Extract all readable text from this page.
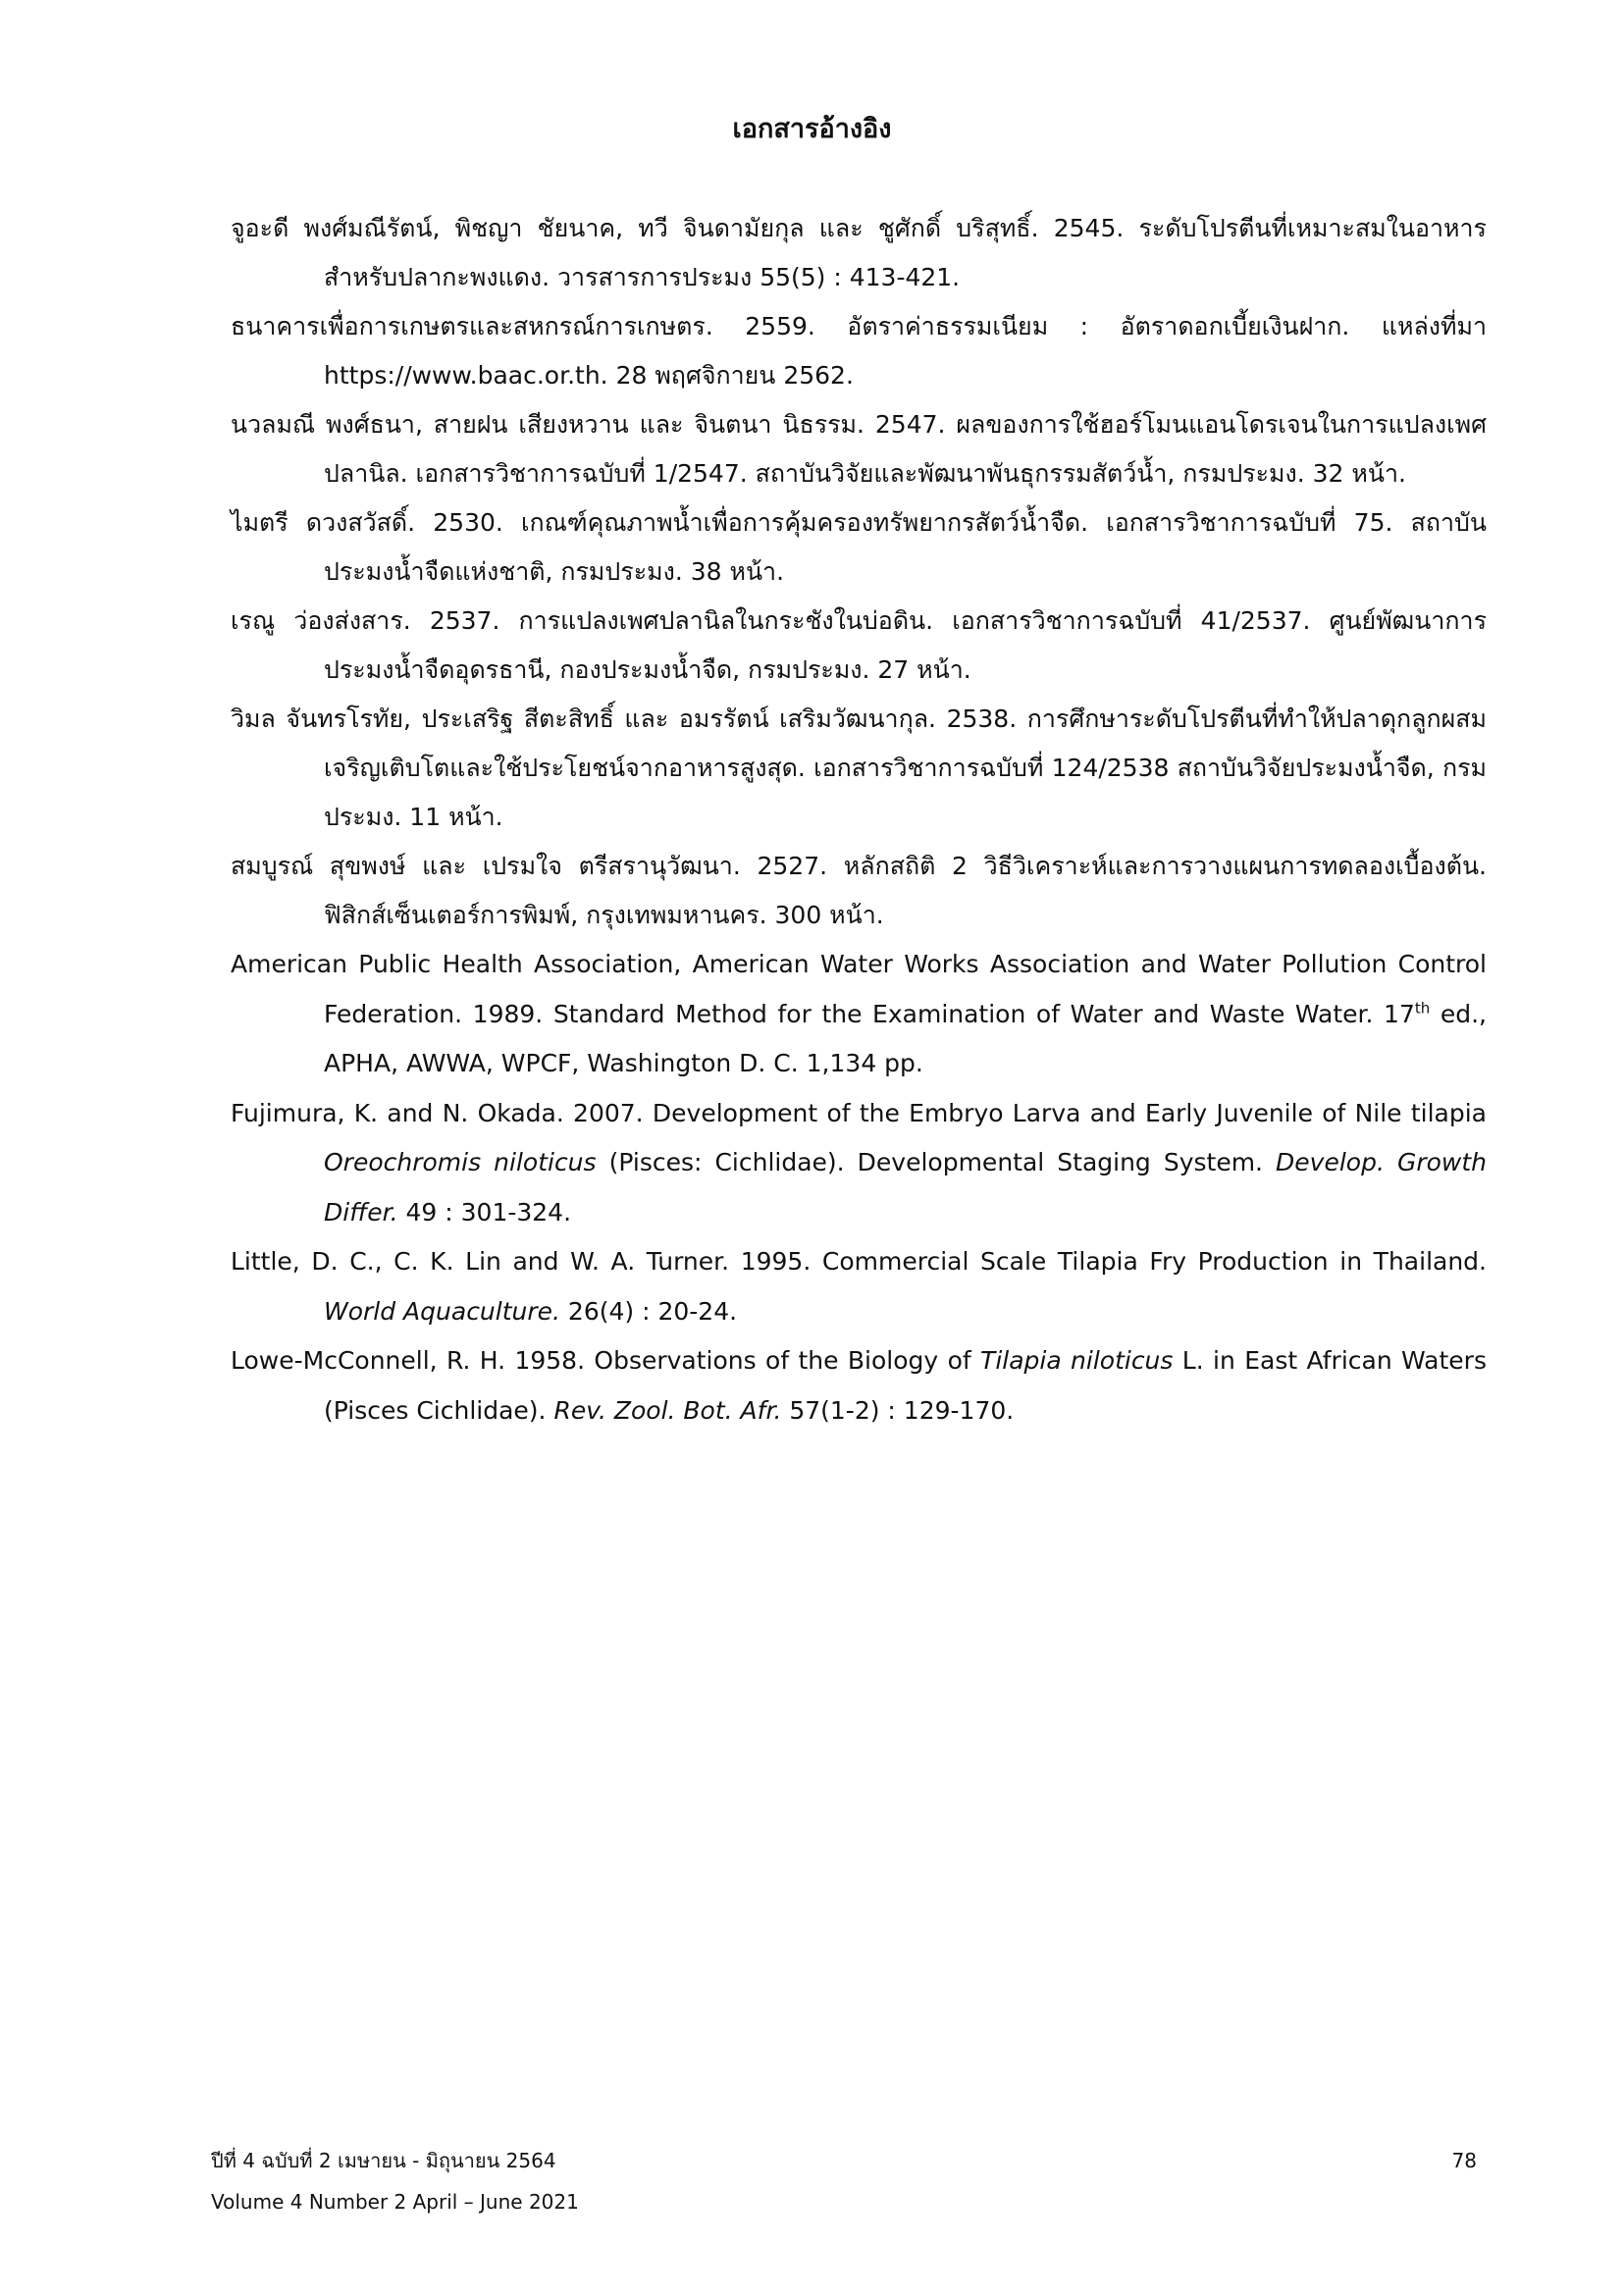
เอกสารอ้างอิง

จูอะดี พงศ์มณีรัตน์, พิชญา ชัยนาค, ทวี จินดามัยกุล และ ชูศักดิ์ บริสุทธิ์. 2545. ระดับโปรตีนที่เหมาะสมในอาหารสำหรับปลากะพงแดง. วารสารการประมง 55(5) : 413-421.

ธนาคารเพื่อการเกษตรและสหกรณ์การเกษตร. 2559. อัตราค่าธรรมเนียม : อัตราดอกเบี้ยเงินฝาก. แหล่งที่มา https://www.baac.or.th. 28 พฤศจิกายน 2562.

นวลมณี พงศ์ธนา, สายฝน เสียงหวาน และ จินตนา นิธรรม. 2547. ผลของการใช้ฮอร์โมนแอนโดรเจนในการแปลงเพศปลานิล. เอกสารวิชาการฉบับที่ 1/2547. สถาบันวิจัยและพัฒนาพันธุกรรมสัตว์น้ำ, กรมประมง. 32 หน้า.

ไมตรี ดวงสวัสดิ์. 2530. เกณฑ์คุณภาพน้ำเพื่อการคุ้มครองทรัพยากรสัตว์น้ำจืด. เอกสารวิชาการฉบับที่ 75. สถาบันประมงน้ำจืดแห่งชาติ, กรมประมง. 38 หน้า.

เรณู ว่องส่งสาร. 2537. การแปลงเพศปลานิลในกระชังในบ่อดิน. เอกสารวิชาการฉบับที่ 41/2537. ศูนย์พัฒนาการประมงน้ำจืดอุดรธานี, กองประมงน้ำจืด, กรมประมง. 27 หน้า.

วิมล จันทรโรทัย, ประเสริฐ สีตะสิทธิ์ และ อมรรัตน์ เสริมวัฒนากุล. 2538. การศึกษาระดับโปรตีนที่ทำให้ปลาดุกลูกผสมเจริญเติบโตและใช้ประโยชน์จากอาหารสูงสุด. เอกสารวิชาการฉบับที่ 124/2538 สถาบันวิจัยประมงน้ำจืด, กรมประมง. 11 หน้า.

สมบูรณ์ สุขพงษ์ และ เปรมใจ ตรีสรานุวัฒนา. 2527. หลักสถิติ 2 วิธีวิเคราะห์และการวางแผนการทดลองเบื้องต้น. ฟิสิกส์เซ็นเตอร์การพิมพ์, กรุงเทพมหานคร. 300 หน้า.

American Public Health Association, American Water Works Association and Water Pollution Control Federation. 1989. Standard Method for the Examination of Water and Waste Water. 17th ed., APHA, AWWA, WPCF, Washington D. C. 1,134 pp.

Fujimura, K. and N. Okada. 2007. Development of the Embryo Larva and Early Juvenile of Nile tilapia Oreochromis niloticus (Pisces: Cichlidae). Developmental Staging System. Develop. Growth Differ. 49 : 301-324.

Little, D. C., C. K. Lin and W. A. Turner. 1995. Commercial Scale Tilapia Fry Production in Thailand. World Aquaculture. 26(4) : 20-24.

Lowe-McConnell, R. H. 1958. Observations of the Biology of Tilapia niloticus L. in East African Waters (Pisces Cichlidae). Rev. Zool. Bot. Afr. 57(1-2) : 129-170.

ปีที่ 4 ฉบับที่ 2 เมษายน - มิถุนายน 2564
Volume 4 Number 2 April – June 2021
78
